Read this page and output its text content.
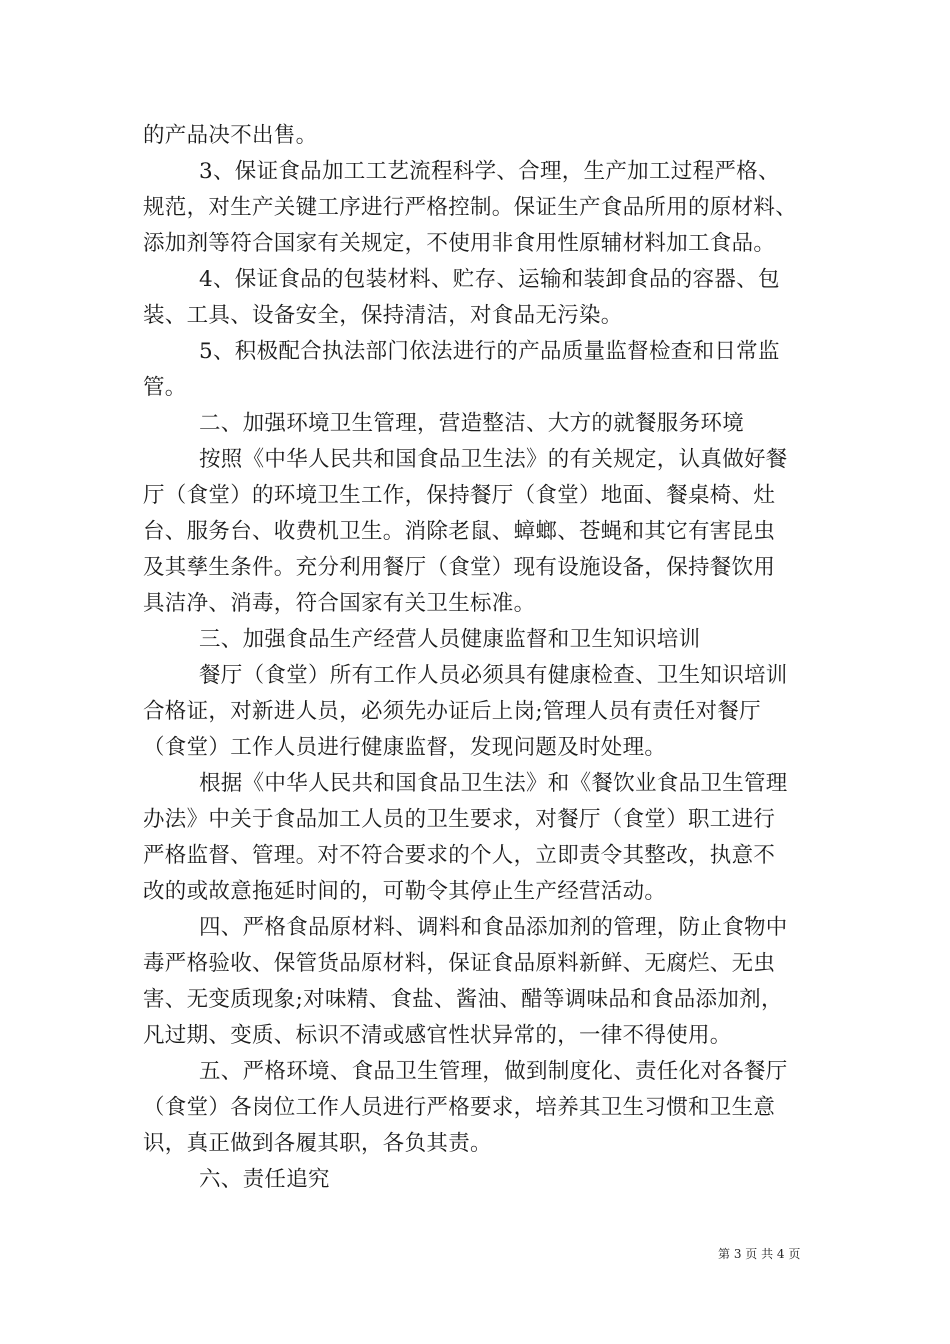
的产品决不出售。
3、保证食品加工工艺流程科学、合理，生产加工过程严格、
规范，对生产关键工序进行严格控制。保证生产食品所用的原材料、
添加剂等符合国家有关规定，不使用非食用性原辅材料加工食品。
4、保证食品的包装材料、贮存、运输和装卸食品的容器、包
装、工具、设备安全，保持清洁，对食品无污染。
5、积极配合执法部门依法进行的产品质量监督检查和日常监
管。
二、加强环境卫生管理，营造整洁、大方的就餐服务环境
按照《中华人民共和国食品卫生法》的有关规定，认真做好餐
厅（食堂）的环境卫生工作，保持餐厅（食堂）地面、餐桌椅、灶
台、服务台、收费机卫生。消除老鼠、蟑螂、苍蝇和其它有害昆虫
及其孳生条件。充分利用餐厅（食堂）现有设施设备，保持餐饮用
具洁净、消毒，符合国家有关卫生标准。
三、加强食品生产经营人员健康监督和卫生知识培训
餐厅（食堂）所有工作人员必须具有健康检查、卫生知识培训
合格证，对新进人员，必须先办证后上岗;管理人员有责任对餐厅
（食堂）工作人员进行健康监督，发现问题及时处理。
根据《中华人民共和国食品卫生法》和《餐饮业食品卫生管理
办法》中关于食品加工人员的卫生要求，对餐厅（食堂）职工进行
严格监督、管理。对不符合要求的个人，立即责令其整改，执意不
改的或故意拖延时间的，可勒令其停止生产经营活动。
四、严格食品原材料、调料和食品添加剂的管理，防止食物中
毒严格验收、保管货品原材料，保证食品原料新鲜、无腐烂、无虫
害、无变质现象;对味精、食盐、酱油、醋等调味品和食品添加剂，
凡过期、变质、标识不清或感官性状异常的，一律不得使用。
五、严格环境、食品卫生管理，做到制度化、责任化对各餐厅
（食堂）各岗位工作人员进行严格要求，培养其卫生习惯和卫生意
识，真正做到各履其职，各负其责。
六、责任追究
第 3 页 共 4 页
